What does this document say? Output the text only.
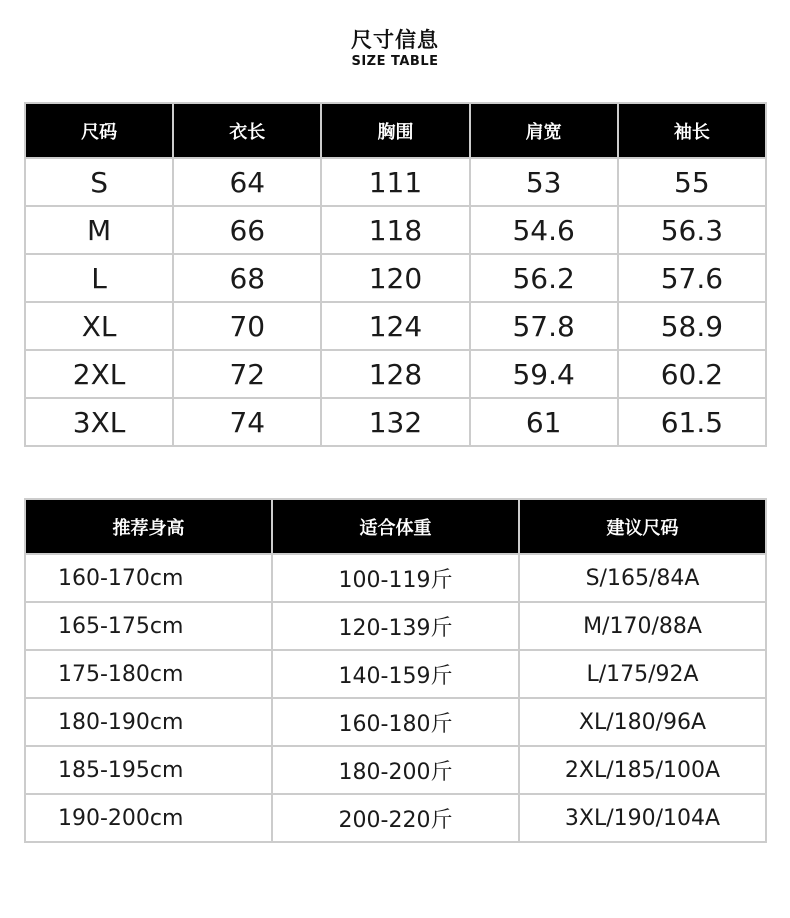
尺寸信息
SIZE TABLE
尺码	衣长	胸围	肩宽	袖长
S	64	111	53	55
M	66	118	54.6	56.3
L	68	120	56.2	57.6
XL	70	124	57.8	58.9
2XL	72	128	59.4	60.2
3XL	74	132	61	61.5
推荐身高	适合体重	建议尺码
160-170cm	100-119斤	S/165/84A
165-175cm	120-139斤	M/170/88A
175-180cm	140-159斤	L/175/92A
180-190cm	160-180斤	XL/180/96A
185-195cm	180-200斤	2XL/185/100A
190-200cm	200-220斤	3XL/190/104A
